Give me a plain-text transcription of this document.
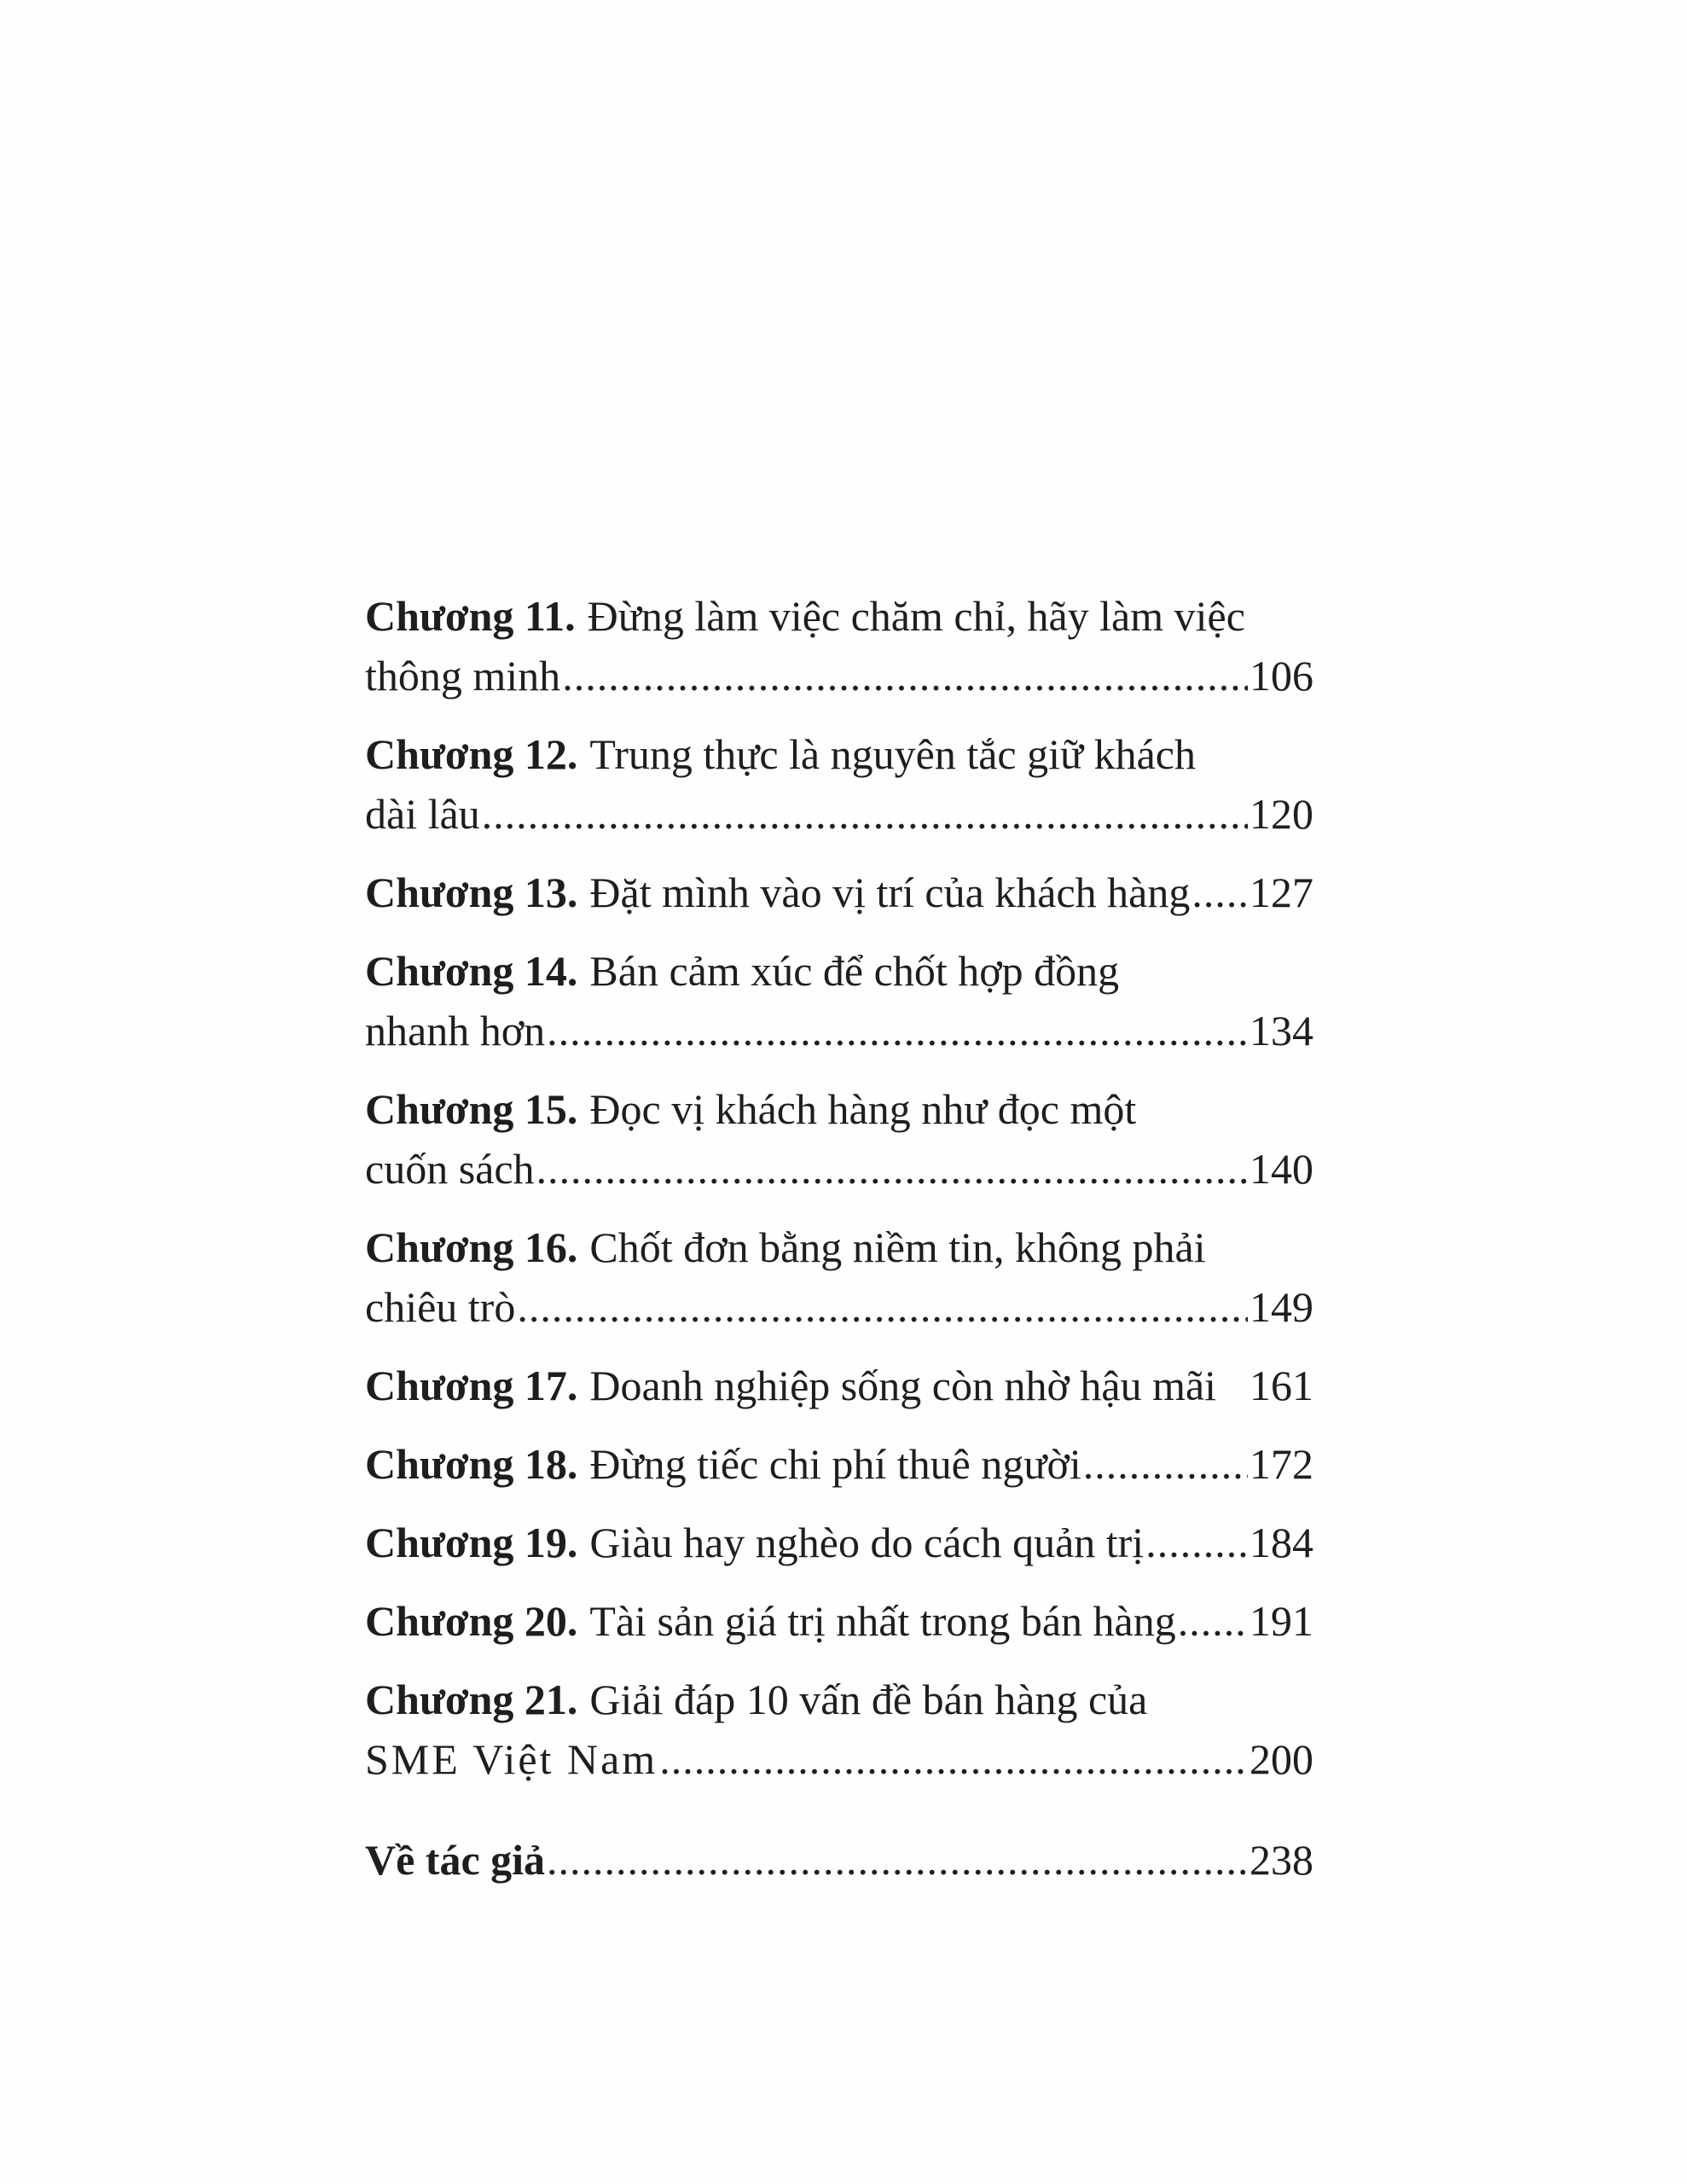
Chương 11. Đừng làm việc chăm chỉ, hãy làm việc
thông minh .....	106
Chương 12. Trung thực là nguyên tắc giữ khách
dài lâu .....	120
Chương 13. Đặt mình vào vị trí của khách hàng ..... 127
Chương 14. Bán cảm xúc để chốt hợp đồng
nhanh hơn .....	134
Chương 15. Đọc vị khách hàng như đọc một
cuốn sách .....	140
Chương 16. Chốt đơn bằng niềm tin, không phải
chiêu trò .....	149
Chương 17. Doanh nghiệp sống còn nhờ hậu mãi 161
Chương 18. Đừng tiếc chi phí thuê người .....	172
Chương 19. Giàu hay nghèo do cách quản trị ..... 184
Chương 20. Tài sản giá trị nhất trong bán hàng ..... 191
Chương 21. Giải đáp 10 vấn đề bán hàng của
SME Việt Nam .....	200
Về tác giả .....	238
